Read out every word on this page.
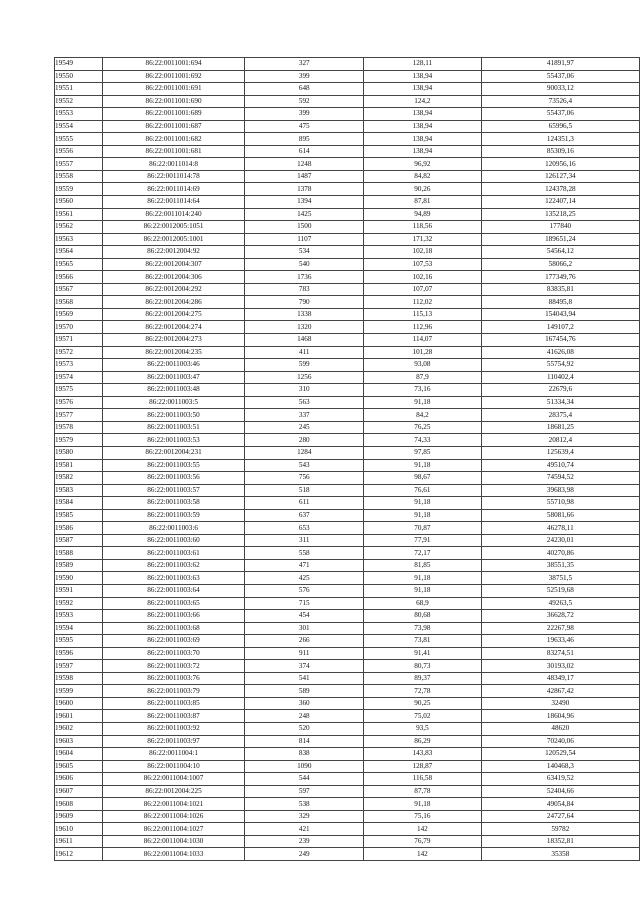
19549	86:22:0011001:694	327	128,11	41891,97
19550	86:22:0011001:692	399	138,94	55437,06
19551	86:22:0011001:691	648	138,94	90033,12
19552	86:22:0011001:690	592	124,2	73526,4
19553	86:22:0011001:689	399	138,94	55437,06
19554	86:22:0011001:687	475	138,94	65996,5
19555	86:22:0011001:682	895	138,94	124351,3
19556	86:22:0011001:681	614	138,94	85309,16
19557	86:22:0011014:8	1248	96,92	120956,16
19558	86:22:0011014:78	1487	84,82	126127,34
19559	86:22:0011014:69	1378	90,26	124378,28
19560	86:22:0011014:64	1394	87,81	122407,14
19561	86:22:0011014:240	1425	94,89	135218,25
19562	86:22:0012005:1051	1500	118,56	177840
19563	86:22:0012005:1001	1107	171,32	189651,24
19564	86:22:0012004:92	534	102,18	54564,12
19565	86:22:0012004:307	540	107,53	58066,2
19566	86:22:0012004:306	1736	102,16	177349,76
19567	86:22:0012004:292	783	107,07	83835,81
19568	86:22:0012004:286	790	112,02	88495,8
19569	86:22:0012004:275	1338	115,13	154043,94
19570	86:22:0012004:274	1320	112,96	149107,2
19571	86:22:0012004:273	1468	114,07	167454,76
19572	86:22:0012004:235	411	101,28	41626,08
19573	86:22:0011003:46	599	93,08	55754,92
19574	86:22:0011003:47	1256	87,9	110402,4
19575	86:22:0011003:48	310	73,16	22679,6
19576	86:22:0011003:5	563	91,18	51334,34
19577	86:22:0011003:50	337	84,2	28375,4
19578	86:22:0011003:51	245	76,25	18681,25
19579	86:22:0011003:53	280	74,33	20812,4
19580	86:22:0012004:231	1284	97,85	125639,4
19581	86:22:0011003:55	543	91,18	49510,74
19582	86:22:0011003:56	756	98,67	74594,52
19583	86:22:0011003:57	518	76,61	39683,98
19584	86:22:0011003:58	611	91,18	55710,98
19585	86:22:0011003:59	637	91,18	58081,66
19586	86:22:0011003:6	653	70,87	46278,11
19587	86:22:0011003:60	311	77,91	24230,01
19588	86:22:0011003:61	558	72,17	40270,86
19589	86:22:0011003:62	471	81,85	38551,35
19590	86:22:0011003:63	425	91,18	38751,5
19591	86:22:0011003:64	576	91,18	52519,68
19592	86:22:0011003:65	715	68,9	49263,5
19593	86:22:0011003:66	454	80,68	36628,72
19594	86:22:0011003:68	301	73,98	22267,98
19595	86:22:0011003:69	266	73,81	19633,46
19596	86:22:0011003:70	911	91,41	83274,51
19597	86:22:0011003:72	374	80,73	30193,02
19598	86:22:0011003:76	541	89,37	48349,17
19599	86:22:0011003:79	589	72,78	42867,42
19600	86:22:0011003:85	360	90,25	32490
19601	86:22:0011003:87	248	75,02	18604,96
19602	86:22:0011003:92	520	93,5	48620
19603	86:22:0011003:97	814	86,29	70240,06
19604	86:22:0011004:1	838	143,83	120529,54
19605	86:22:0011004:10	1090	128,87	140468,3
19606	86:22:0011004:1007	544	116,58	63419,52
19607	86:22:0012004:225	597	87,78	52404,66
19608	86:22:0011004:1021	538	91,18	49054,84
19609	86:22:0011004:1026	329	75,16	24727,64
19610	86:22:0011004:1027	421	142	59782
19611	86:22:0011004:1030	239	76,79	18352,81
19612	86:22:0011004:1033	249	142	35358
